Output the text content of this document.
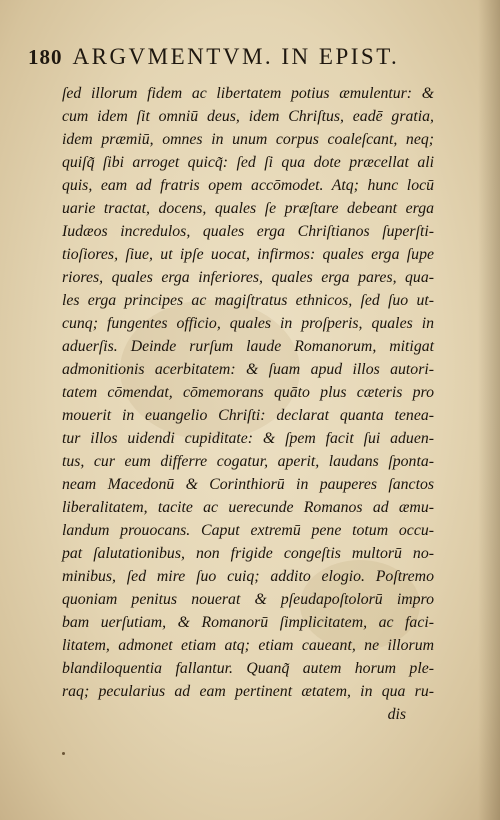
180 ARGVMENTVM. IN EPIST.
ſed illorum fidem ac libertatem potius æmulentur: &
cum idem ſit omniū deus, idem Chriſtus, eadē gratia,
idem præmiū, omnes in unum corpus coaleſcant, neq;
quiſq̃ ſibi arroget quicq̃: ſed ſi qua dote præcellat ali
quis, eam ad fratris opem accōmodet. Atq; hunc locū
uarie tractat, docens, quales ſe præſtare debeant erga
Iudæos incredulos, quales erga Chriſtianos ſuperſti-
tioſiores, ſiue, ut ipſe uocat, infirmos: quales erga ſupe
riores, quales erga inferiores, quales erga pares, qua-
les erga principes ac magiſtratus ethnicos, ſed ſuo ut-
cunq; fungentes officio, quales in proſperis, quales in
aduerſis. Deinde rurſum laude Romanorum, mitigat
admonitionis acerbitatem: & ſuam apud illos autori-
tatem cōmendat, cōmemorans quāto plus cæteris pro
mouerit in euangelio Chriſti: declarat quanta tenea-
tur illos uidendi cupiditate: & ſpem facit ſui aduen-
tus, cur eum differre cogatur, aperit, laudans ſponta-
neam Macedonū & Corinthiorū in pauperes ſanctos
liberalitatem, tacite ac uerecunde Romanos ad æmu-
landum prouocans. Caput extremū pene totum occu-
pat ſalutationibus, non frigide congeſtis multorū no-
minibus, ſed mire ſuo cuiq; addito elogio. Poſtremo
quoniam penitus nouerat & pſeudapoſtolorū impro
bam uerſutiam, & Romanorū ſimplicitatem, ac faci-
litatem, admonet etiam atq; etiam caueant, ne illorum
blandiloquentia fallantur. Quanq̃ autem horum ple-
raq; pecularius ad eam pertinent ætatem, in qua ru-
dis
